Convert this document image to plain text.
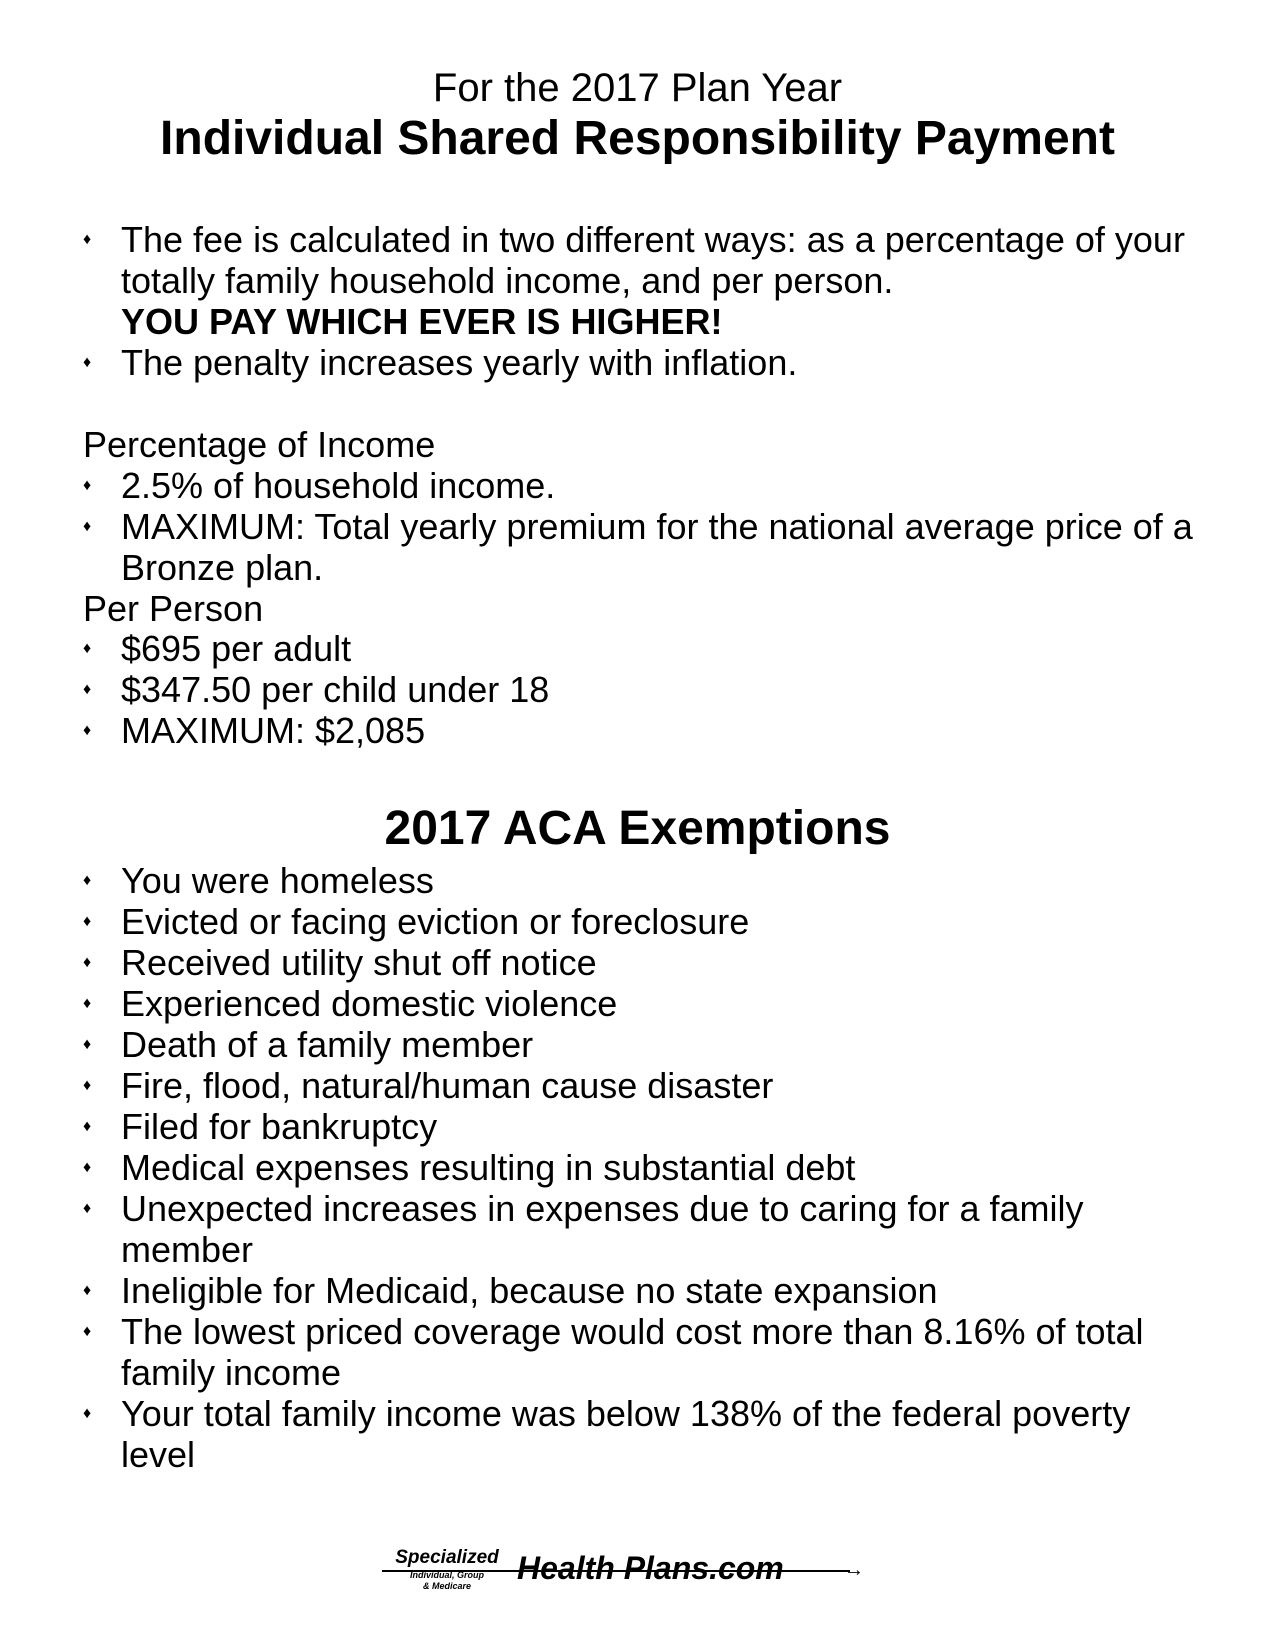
For the 2017 Plan Year
Individual Shared Responsibility Payment
♦ The fee is calculated in two different ways: as a percentage of your totally family household income, and per person.
YOU PAY WHICH EVER IS HIGHER!
♦ The penalty increases yearly with inflation.
Percentage of Income
♦ 2.5% of household income.
♦ MAXIMUM: Total yearly premium for the national average price of a Bronze plan.
Per Person
♦ $695 per adult
♦ $347.50 per child under 18
♦ MAXIMUM: $2,085
2017 ACA Exemptions
♦ You were homeless
♦ Evicted or facing eviction or foreclosure
♦ Received utility shut off notice
♦ Experienced domestic violence
♦ Death of a family member
♦ Fire, flood, natural/human cause disaster
♦ Filed for bankruptcy
♦ Medical expenses resulting in substantial debt
♦ Unexpected increases in expenses due to caring for a family member
♦ Ineligible for Medicaid, because no state expansion
♦ The lowest priced coverage would cost more than 8.16% of total family income
♦ Your total family income was below 138% of the federal poverty level
Specialized
Individual, Group
& Medicare	Health Plans.com	→
